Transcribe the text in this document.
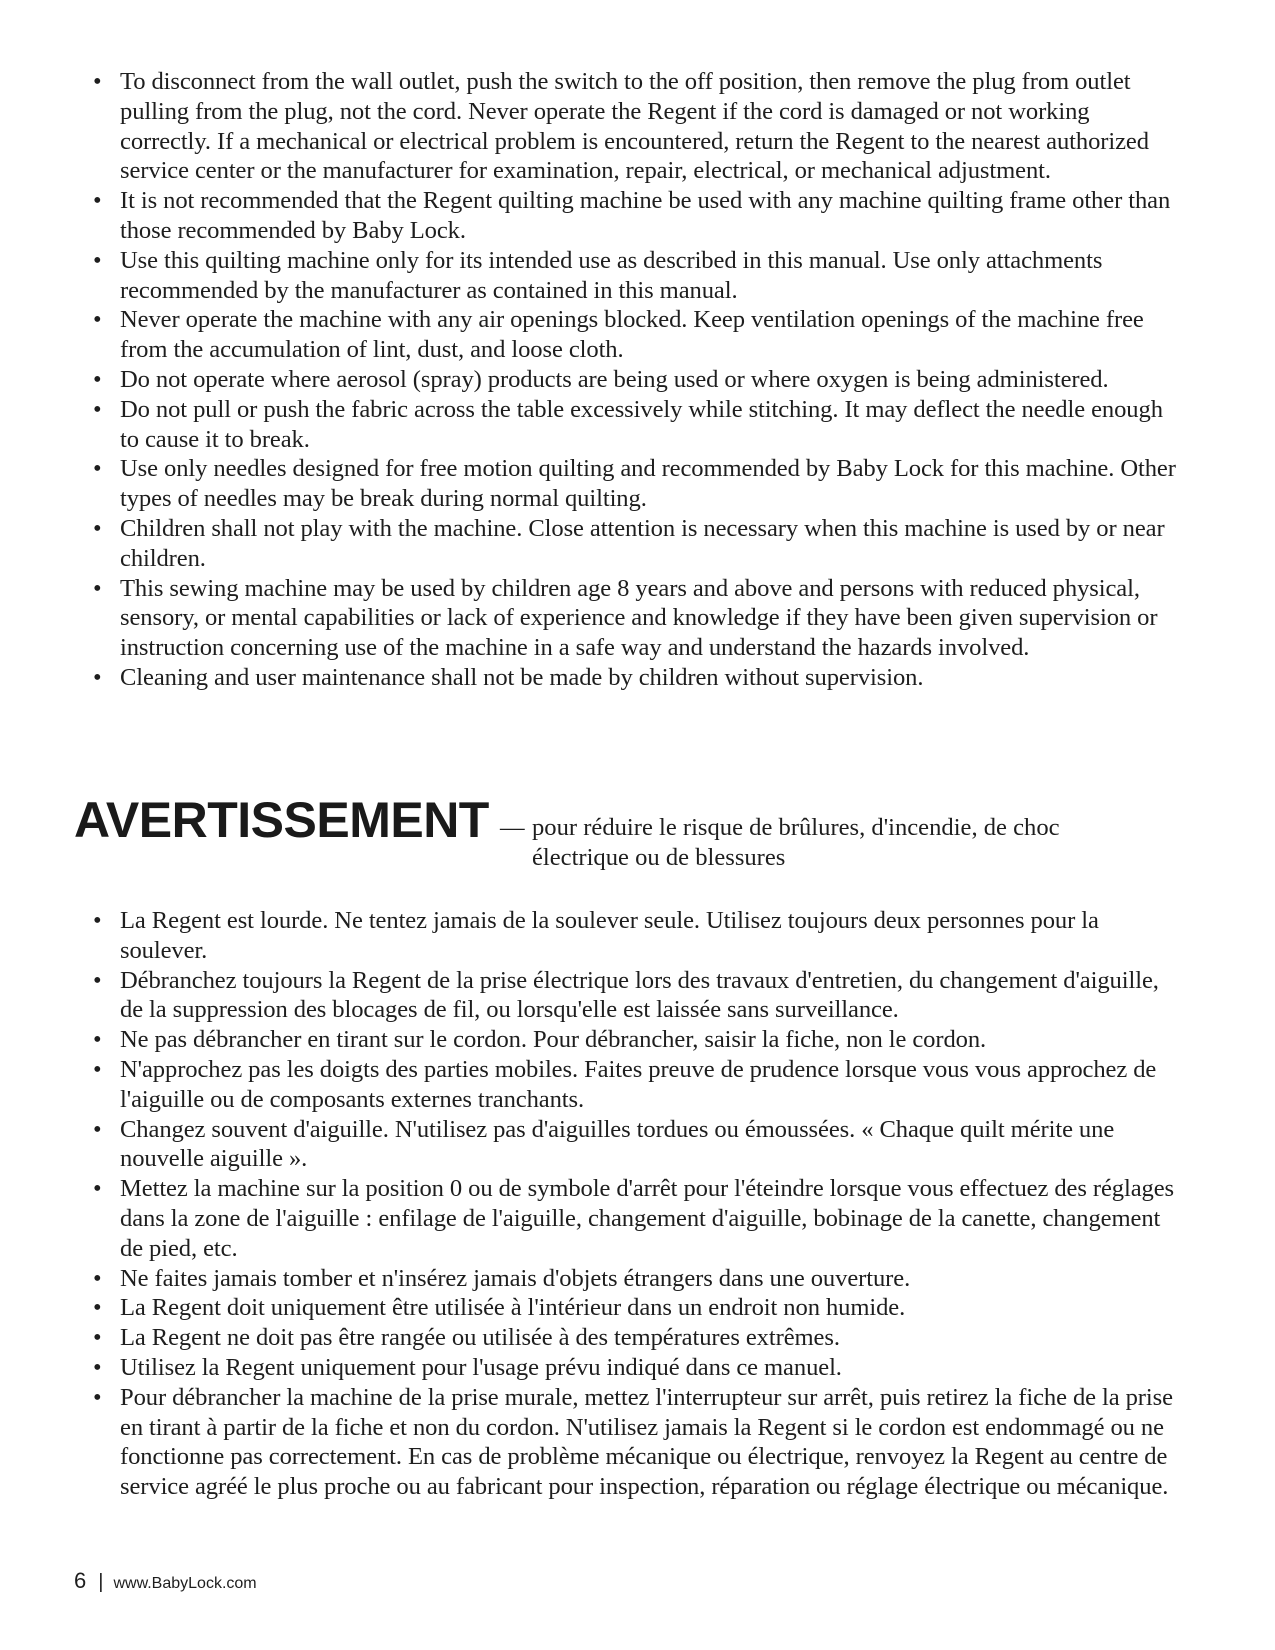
• To disconnect from the wall outlet, push the switch to the off position, then remove the plug from outlet pulling from the plug, not the cord. Never operate the Regent if the cord is damaged or not working correctly. If a mechanical or electrical problem is encountered, return the Regent to the nearest authorized service center or the manufacturer for examination, repair, electrical, or mechanical adjustment.
• It is not recommended that the Regent quilting machine be used with any machine quilting frame other than those recommended by Baby Lock.
• Use this quilting machine only for its intended use as described in this manual. Use only attachments recommended by the manufacturer as contained in this manual.
• Never operate the machine with any air openings blocked. Keep ventilation openings of the machine free from the accumulation of lint, dust, and loose cloth.
• Do not operate where aerosol (spray) products are being used or where oxygen is being administered.
• Do not pull or push the fabric across the table excessively while stitching. It may deflect the needle enough to cause it to break.
• Use only needles designed for free motion quilting and recommended by Baby Lock for this machine. Other types of needles may be break during normal quilting.
• Children shall not play with the machine. Close attention is necessary when this machine is used by or near children.
• This sewing machine may be used by children age 8 years and above and persons with reduced physical, sensory, or mental capabilities or lack of experience and knowledge if they have been given supervision or instruction concerning use of the machine in a safe way and understand the hazards involved.
• Cleaning and user maintenance shall not be made by children without supervision.
AVERTISSEMENT — pour réduire le risque de brûlures, d'incendie, de choc électrique ou de blessures
• La Regent est lourde. Ne tentez jamais de la soulever seule. Utilisez toujours deux personnes pour la soulever.
• Débranchez toujours la Regent de la prise électrique lors des travaux d'entretien, du changement d'aiguille, de la suppression des blocages de fil, ou lorsqu'elle est laissée sans surveillance.
• Ne pas débrancher en tirant sur le cordon. Pour débrancher, saisir la fiche, non le cordon.
• N'approchez pas les doigts des parties mobiles. Faites preuve de prudence lorsque vous vous approchez de l'aiguille ou de composants externes tranchants.
• Changez souvent d'aiguille. N'utilisez pas d'aiguilles tordues ou émoussées. « Chaque quilt mérite une nouvelle aiguille ».
• Mettez la machine sur la position 0 ou de symbole d'arrêt pour l'éteindre lorsque vous effectuez des réglages dans la zone de l'aiguille : enfilage de l'aiguille, changement d'aiguille, bobinage de la canette, changement de pied, etc.
• Ne faites jamais tomber et n'insérez jamais d'objets étrangers dans une ouverture.
• La Regent doit uniquement être utilisée à l'intérieur dans un endroit non humide.
• La Regent ne doit pas être rangée ou utilisée à des températures extrêmes.
• Utilisez la Regent uniquement pour l'usage prévu indiqué dans ce manuel.
• Pour débrancher la machine de la prise murale, mettez l'interrupteur sur arrêt, puis retirez la fiche de la prise en tirant à partir de la fiche et non du cordon. N'utilisez jamais la Regent si le cordon est endommagé ou ne fonctionne pas correctement. En cas de problème mécanique ou électrique, renvoyez la Regent au centre de service agréé le plus proche ou au fabricant pour inspection, réparation ou réglage électrique ou mécanique.
6 | www.BabyLock.com
